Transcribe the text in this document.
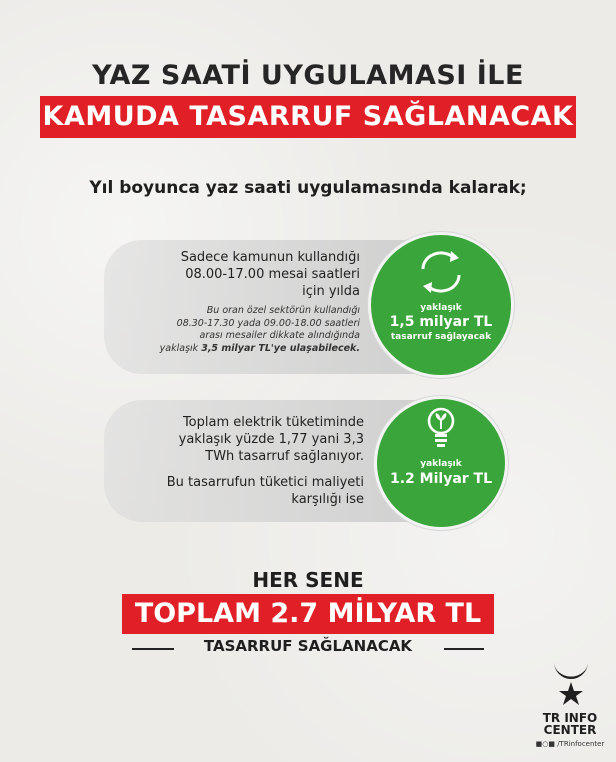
YAZ SAATİ UYGULAMASI İLE
KAMUDA TASARRUF SAĞLANACAK
Yıl boyunca yaz saati uygulamasında kalarak;
Sadece kamunun kullandığı
08.00-17.00 mesai saatleri
için yılda
Bu oran özel sektörün kullandığı
08.30-17.30 yada 09.00-18.00 saatleri
arası mesailer dikkate alındığında
yaklaşık 3,5 milyar TL'ye ulaşabilecek.
yaklaşık
1,5 milyar TL
tasarruf sağlayacak
Toplam elektrik tüketiminde
yaklaşık yüzde 1,77 yani 3,3
TWh tasarruf sağlanıyor.
Bu tasarrufun tüketici maliyeti
karşılığı ise
yaklaşık
1.2 Milyar TL
HER SENE
TOPLAM 2.7 MİLYAR TL
TASARRUF SAĞLANACAK
TR INFO
CENTER
■○■ /TRinfocenter
